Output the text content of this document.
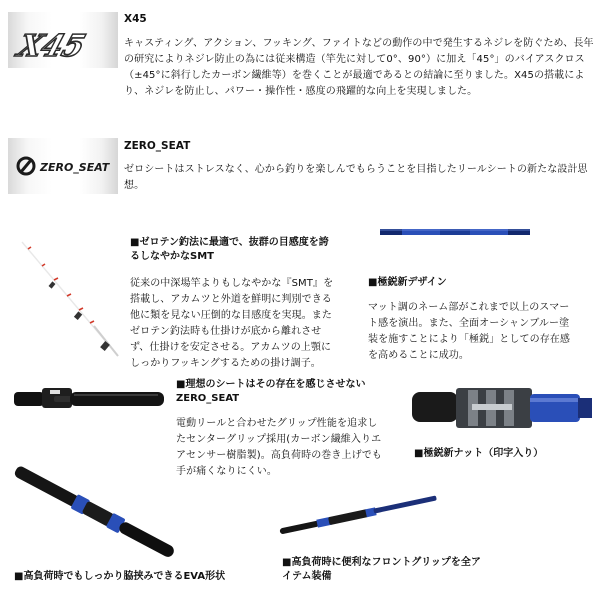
X45
X45
キャスティング、アクション、フッキング、ファイトなどの動作の中で発生するネジレを防ぐため、長年
の研究によりネジレ防止の為には従来構造（竿先に対して0°、90°）に加え「45°」のバイアスクロス
（±45°に斜行したカーボン繊維等）を巻くことが最適であるとの結論に至りました。X45の搭載によ
り、ネジレを防止し、パワー・操作性・感度の飛躍的な向上を実現しました。
ZERO_SEAT
ZERO_SEAT
ゼロシートはストレスなく、心から釣りを楽しんでもらうことを目指したリールシートの新たな設計思
想。
■ゼロテン釣法に最適で、抜群の目感度を誇
るしなやかなSMT
従来の中深場竿よりもしなやかな『SMT』を
搭載し、アカムツと外道を鮮明に判別できる
他に類を見ない圧倒的な目感度を実現。また
ゼロテン釣法時も仕掛けが底から離れさせ
ず、仕掛けを安定させる。アカムツの上顎に
しっかりフッキングするための掛け調子。
■極鋭新デザイン
マット調のネーム部がこれまで以上のスマー
ト感を演出。また、全面オーシャンブルー塗
装を施すことにより「極鋭」としての存在感
を高めることに成功。
■理想のシートはその存在を感じさせない
ZERO_SEAT
電動リールと合わせたグリップ性能を追求し
たセンターグリップ採用(カーボン繊維入りエ
アセンサー樹脂製)。高負荷時の巻き上げでも
手が痛くなりにくい。
■極鋭新ナット（印字入り）
■高負荷時でもしっかり脇挟みできるEVA形状
■高負荷時に便利なフロントグリップを全ア
イテム装備
